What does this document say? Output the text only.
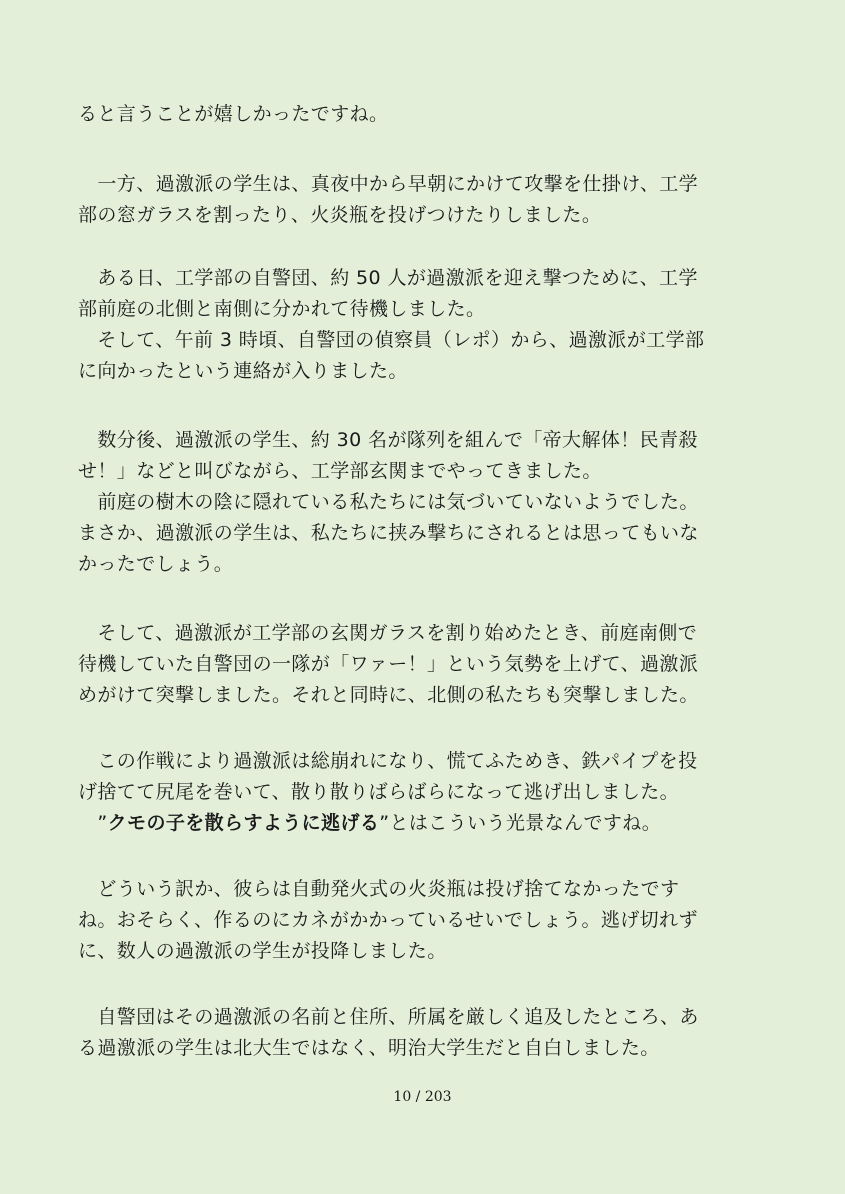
ると言うことが嬉しかったですね。
　一方、過激派の学生は、真夜中から早朝にかけて攻撃を仕掛け、工学
部の窓ガラスを割ったり、火炎瓶を投げつけたりしました。
　ある日、工学部の自警団、約 50 人が過激派を迎え撃つために、工学
部前庭の北側と南側に分かれて待機しました。
　そして、午前 3 時頃、自警団の偵察員（レポ）から、過激派が工学部
に向かったという連絡が入りました。
　数分後、過激派の学生、約 30 名が隊列を組んで「帝大解体！民青殺
せ！」などと叫びながら、工学部玄関までやってきました。
　前庭の樹木の陰に隠れている私たちには気づいていないようでした。
まさか、過激派の学生は、私たちに挟み撃ちにされるとは思ってもいな
かったでしょう。
　そして、過激派が工学部の玄関ガラスを割り始めたとき、前庭南側で
待機していた自警団の一隊が「ワァー！」という気勢を上げて、過激派
めがけて突撃しました。それと同時に、北側の私たちも突撃しました。
　この作戦により過激派は総崩れになり、慌てふためき、鉄パイプを投
げ捨てて尻尾を巻いて、散り散りばらばらになって逃げ出しました。
　”クモの子を散らすように逃げる”とはこういう光景なんですね。
　どういう訳か、彼らは自動発火式の火炎瓶は投げ捨てなかったです
ね。おそらく、作るのにカネがかかっているせいでしょう。逃げ切れず
に、数人の過激派の学生が投降しました。
　自警団はその過激派の名前と住所、所属を厳しく追及したところ、あ
る過激派の学生は北大生ではなく、明治大学生だと自白しました。
10 / 203
